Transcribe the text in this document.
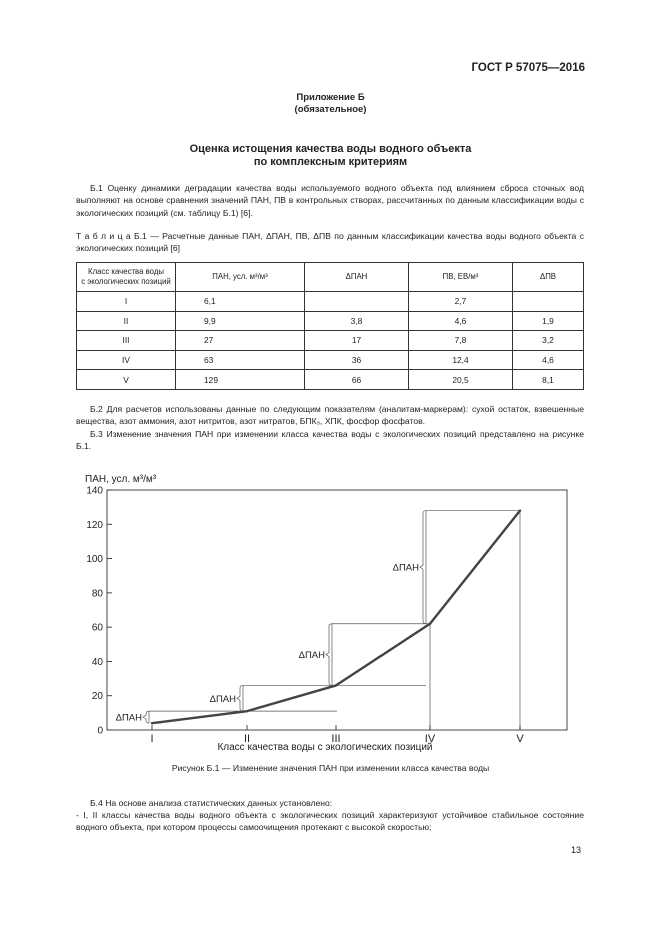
ГОСТ Р 57075—2016
Приложение Б
(обязательное)
Оценка истощения качества воды водного объекта
по комплексным критериям
Б.1 Оценку динамики деградации качества воды используемого водного объекта под влиянием сброса сточных вод выполняют на основе сравнения значений ПАН, ПВ в контрольных створах, рассчитанных по данным классификации воды с экологических позиций (см. таблицу Б.1) [6].
Т а б л и ц а Б.1 — Расчетные данные ПАН, ΔПАН, ПВ, ΔПВ по данным классификации качества воды водного объекта с экологических позиций [6]
Класс качества воды
с экологических позиций	ПАН, усл. м³/м³	ΔПАН	ПВ, ЕВ/м³	ΔПВ
I	6,1		2,7	
II	9,9	3,8	4,6	1,9
III	27	17	7,8	3,2
IV	63	36	12,4	4,6
V	129	66	20,5	8,1
Б.2 Для расчетов использованы данные по следующим показателям (аналитам-маркерам): сухой остаток, взвешенные вещества, азот аммония, азот нитритов, азот нитратов, БПК₅, ХПК, фосфор фосфатов.
Б.3 Изменение значения ПАН при изменении класса качества воды с экологических позиций представлено на рисунке Б.1.
ΔПАН
ΔПАН
ΔПАН
ΔПАН
0
20
40
60
80
100
120
140
I	II	III	IV	V
ПАН, усл. м³/м³
Класс качества воды с экологических позиций
Рисунок Б.1 — Изменение значения ПАН при изменении класса качества воды
Б.4 На основе анализа статистических данных установлено:
- I, II классы качества воды водного объекта с экологических позиций характеризуют устойчивое стабильное состояние водного объекта, при котором процессы самоочищения протекают с высокой скоростью;
13
